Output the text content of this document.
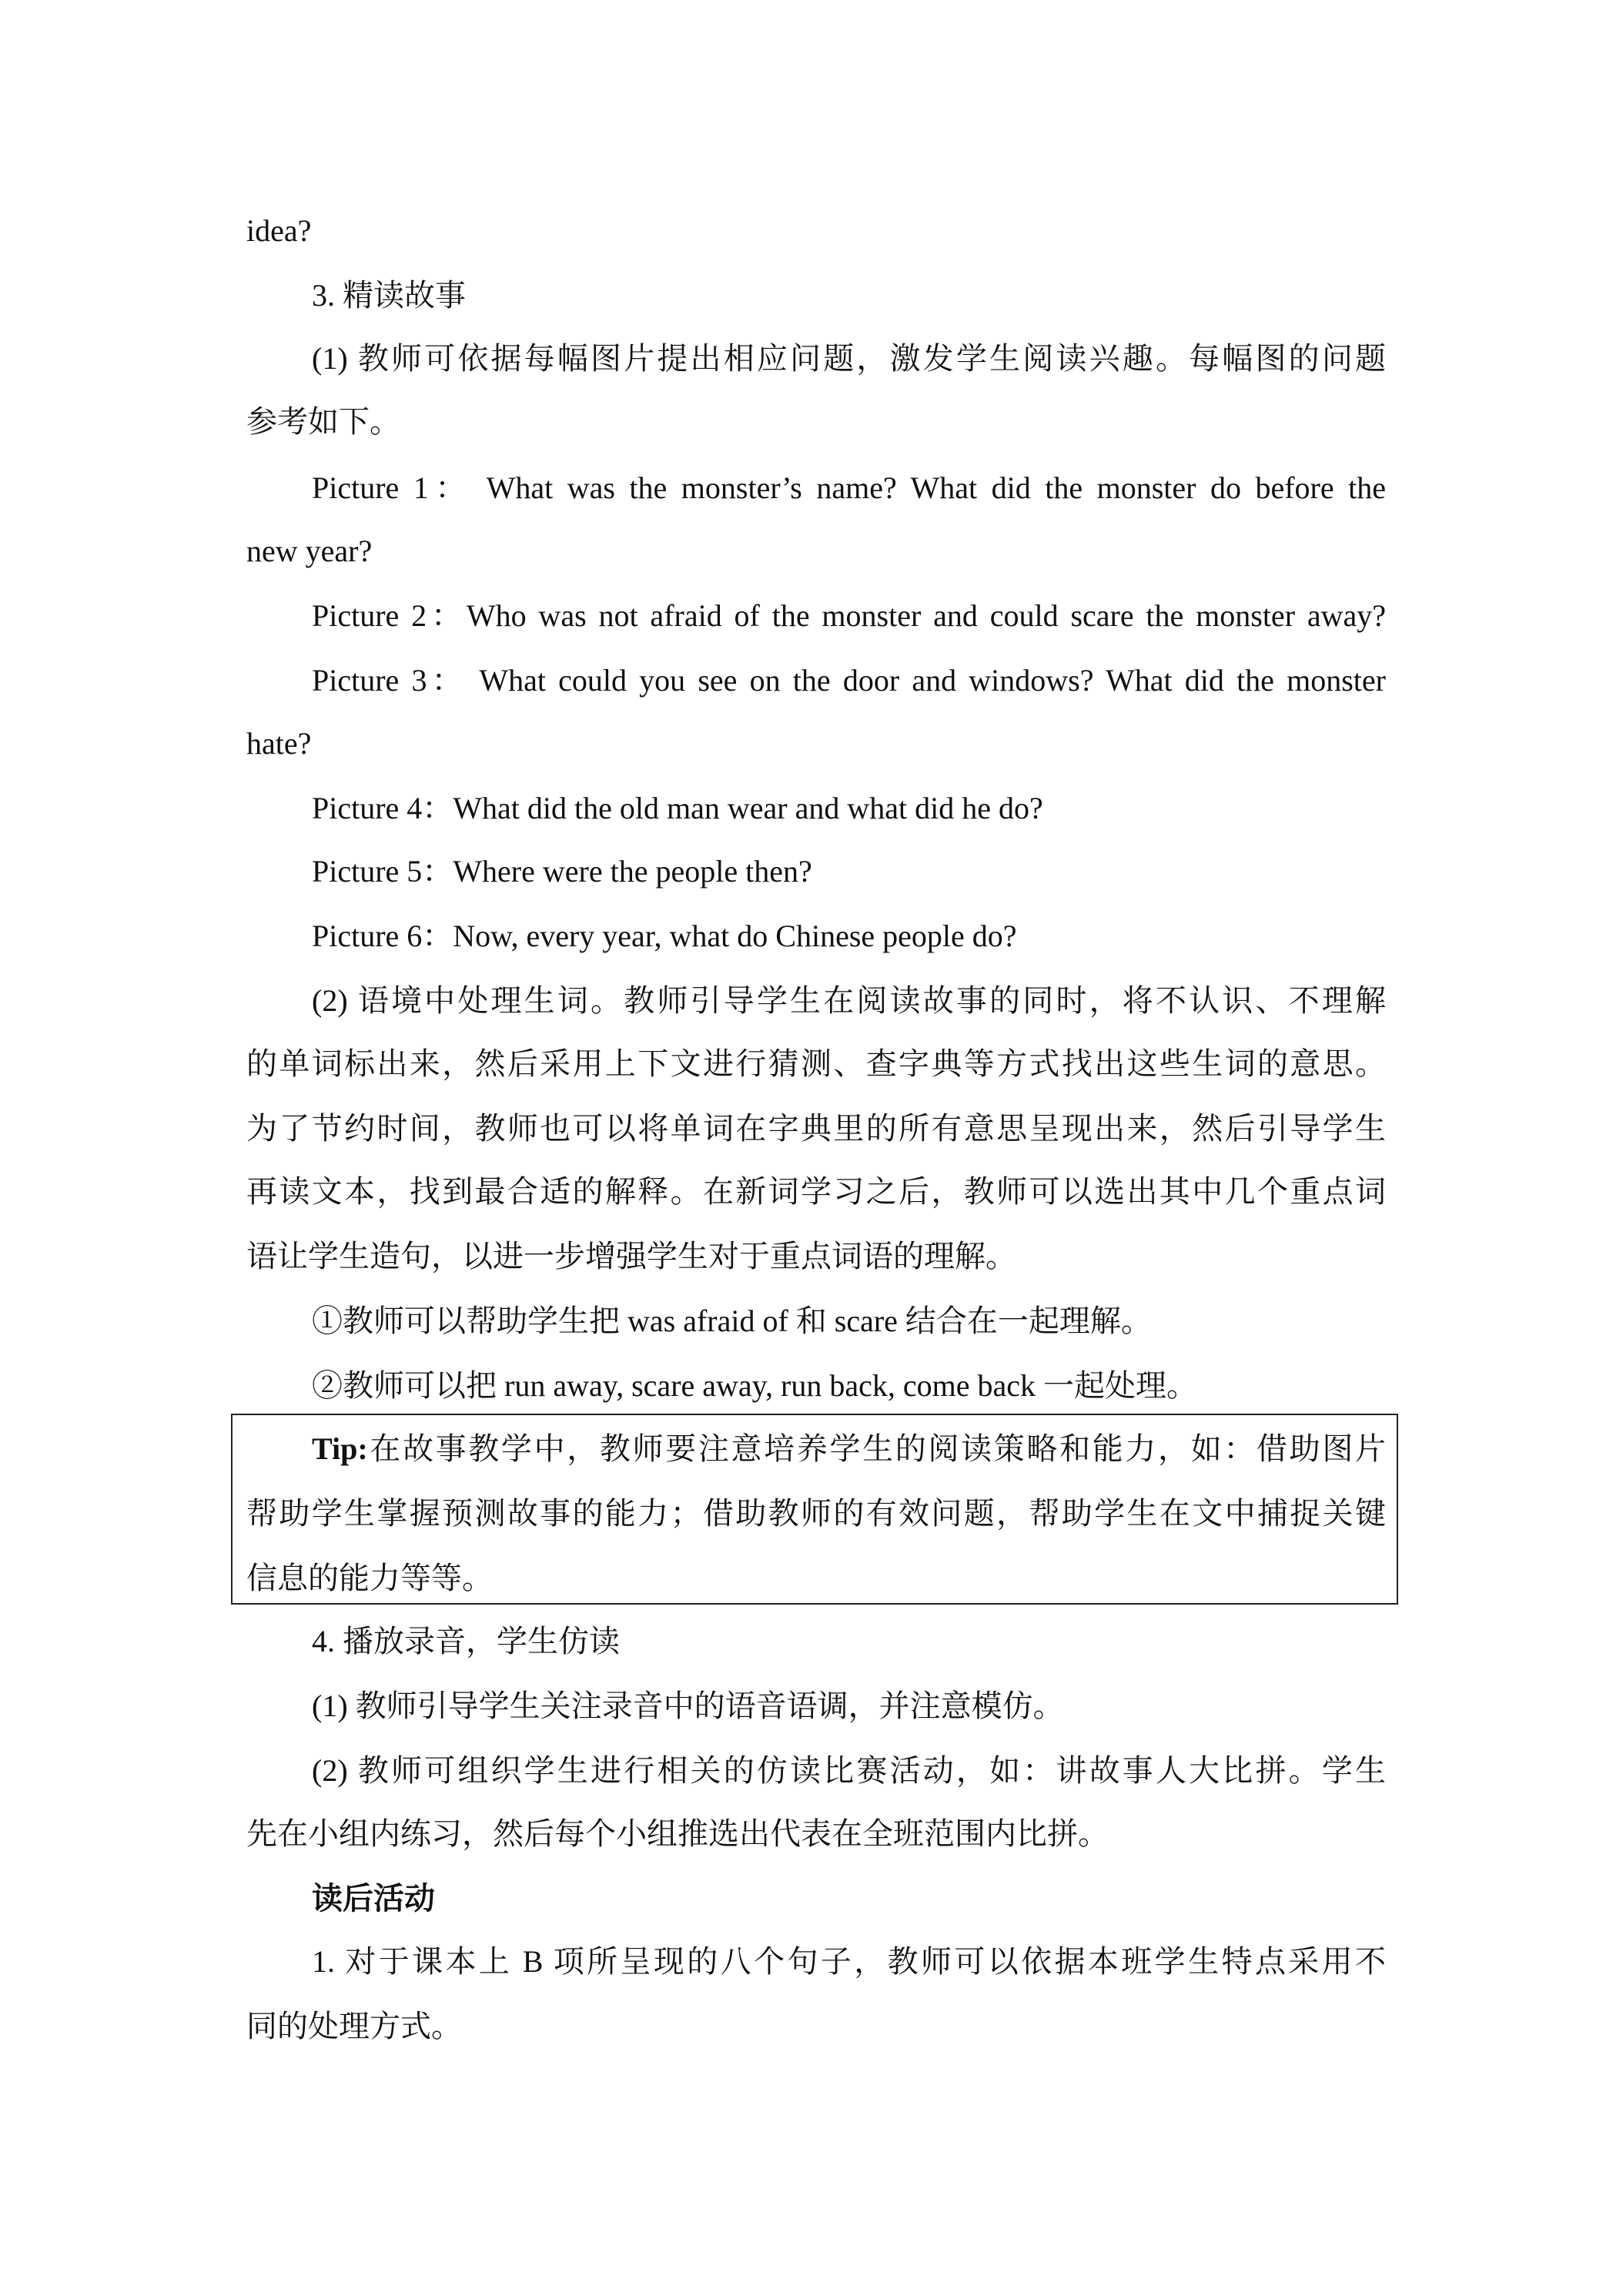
idea?
3. 精读故事
(1) 教师可依据每幅图片提出相应问题，激发学生阅读兴趣。每幅图的问题
参考如下。
Picture 1： What was the monster’s name? What did the monster do before the
new year?
Picture 2：Who was not afraid of the monster and could scare the monster away?
Picture 3： What could you see on the door and windows? What did the monster
hate?
Picture 4：What did the old man wear and what did he do?
Picture 5：Where were the people then?
Picture 6：Now, every year, what do Chinese people do?
(2) 语境中处理生词。教师引导学生在阅读故事的同时，将不认识、不理解
的单词标出来，然后采用上下文进行猜测、查字典等方式找出这些生词的意思。
为了节约时间，教师也可以将单词在字典里的所有意思呈现出来，然后引导学生
再读文本，找到最合适的解释。在新词学习之后，教师可以选出其中几个重点词
语让学生造句，以进一步增强学生对于重点词语的理解。
①教师可以帮助学生把 was afraid of 和 scare 结合在一起理解。
②教师可以把 run away, scare away, run back, come back 一起处理。
Tip:在故事教学中，教师要注意培养学生的阅读策略和能力，如：借助图片
帮助学生掌握预测故事的能力；借助教师的有效问题，帮助学生在文中捕捉关键
信息的能力等等。
4. 播放录音，学生仿读
(1) 教师引导学生关注录音中的语音语调，并注意模仿。
(2) 教师可组织学生进行相关的仿读比赛活动，如：讲故事人大比拼。学生
先在小组内练习，然后每个小组推选出代表在全班范围内比拼。
读后活动
1. 对于课本上 B 项所呈现的八个句子，教师可以依据本班学生特点采用不
同的处理方式。
